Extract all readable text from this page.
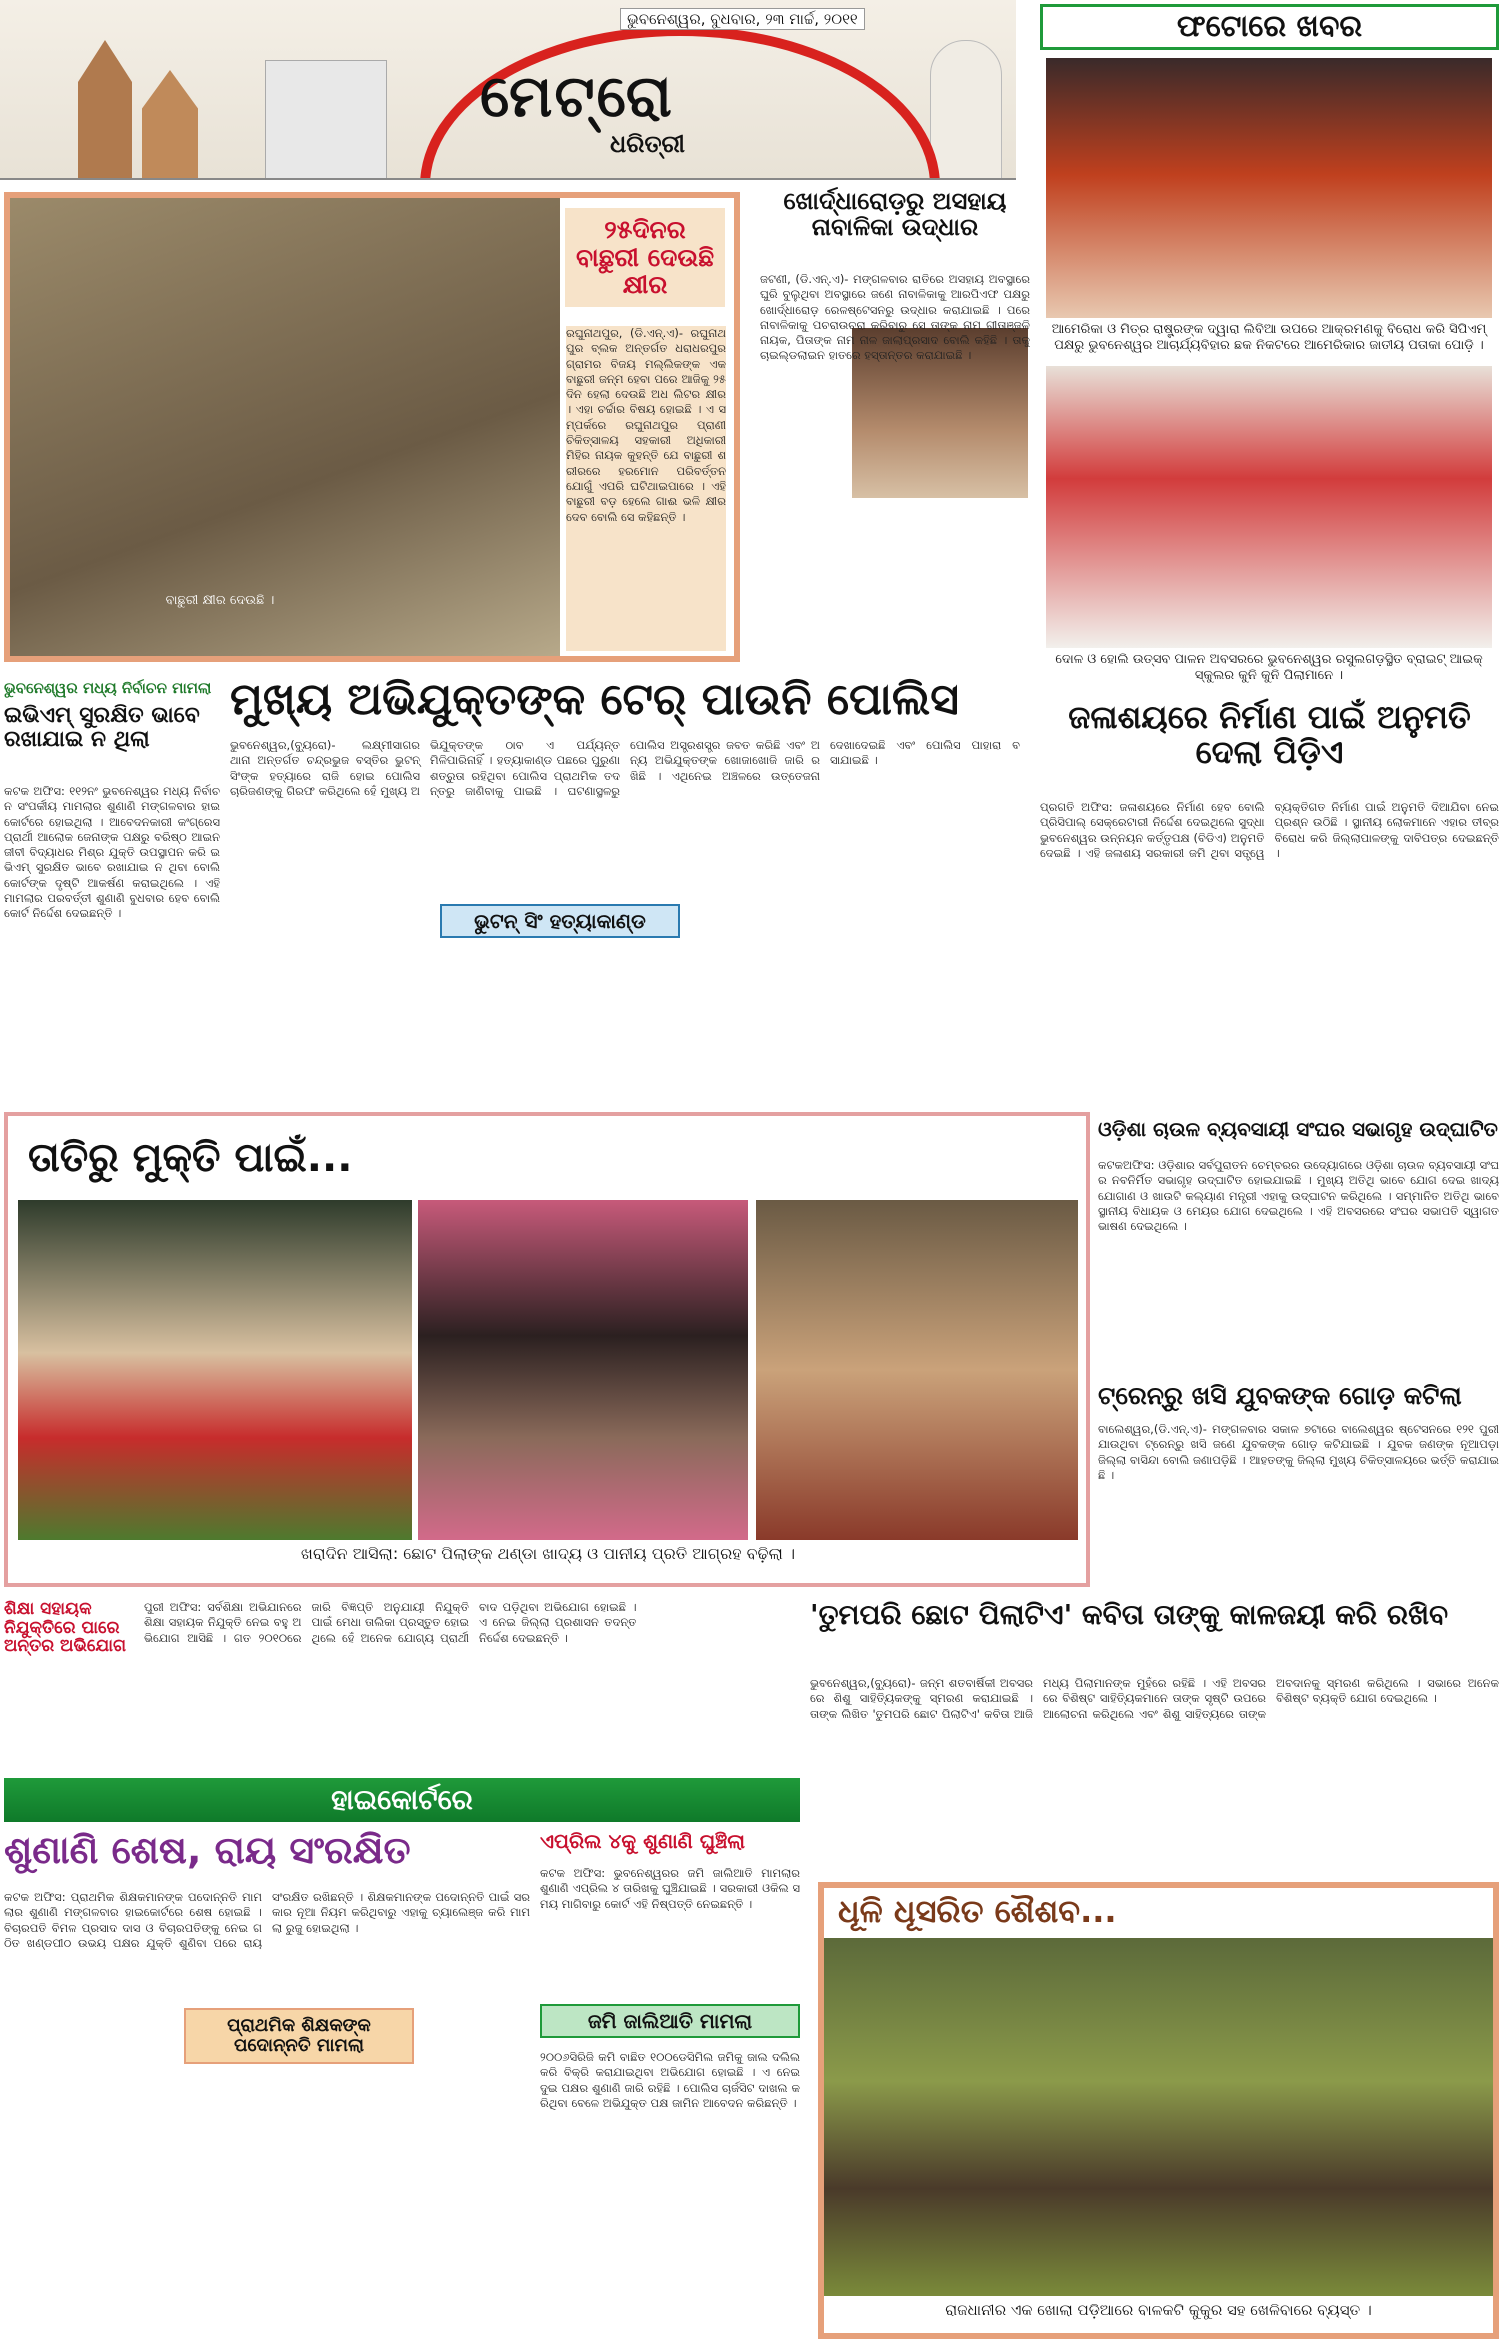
ଭୁବନେଶ୍ୱର, ବୁଧବାର, ୨୩ ମାର୍ଚ୍ଚ, ୨୦୧୧
ମେଟ୍ରୋ
ଧରିତ୍ରୀ
ଫଟୋରେ ଖବର
ଆମେରିକା ଓ ମିତ୍ର ରାଷ୍ଟ୍ରଙ୍କ ଦ୍ୱାରା ଲିବିଆ ଉପରେ ଆକ୍ରମଣକୁ ବିରୋଧ କରି ସିପିଏମ୍ ପକ୍ଷରୁ ଭୁବନେଶ୍ୱର ଆଚାର୍ଯ୍ୟବିହାର ଛକ ନିକଟରେ ଆମେରିକାର ଜାତୀୟ ପତାକା ପୋଡ଼ି ।
ଦୋଳ ଓ ହୋଲି ଉତ୍ସବ ପାଳନ ଅବସରରେ ଭୁବନେଶ୍ୱର ରସୁଲଗଡ଼ସ୍ଥିତ ବ୍ରାଇଟ୍ ଆଇକ୍ ସ୍କୁଲର କୁନି କୁନି ପିଲାମାନେ ।
ବାଛୁରୀ କ୍ଷୀର ଦେଉଛି ।
୨୫ଦିନର ବାଛୁରୀ ଦେଉଛି କ୍ଷୀର
ରଘୁନାଥପୁର, (ଡି.ଏନ୍.ଏ)- ରଘୁନାଥପୁର ବ୍ଲକ ଅନ୍ତର୍ଗତ ଧରାଧରପୁର ଗ୍ରାମର ବିଜୟ ମଲ୍ଲିକଙ୍କ ଏକ ବାଛୁରୀ ଜନ୍ମ ହେବା ପରେ ଆଜିକୁ ୨୫ ଦିନ ହେଲା ଦେଉଛି ଅଧ ଲିଟର କ୍ଷୀର । ଏହା ଚର୍ଚ୍ଚାର ବିଷୟ ହୋଇଛି । ଏ ସମ୍ପର୍କରେ ରଘୁନାଥପୁର ପ୍ରାଣୀ ଚିକିତ୍ସାଳୟ ସହକାରୀ ଅଧିକାରୀ ମିହିର ନାୟକ କୁହନ୍ତି ଯେ ବାଛୁରୀ ଶରୀରରେ ହରମୋନ ପରିବର୍ତ୍ତନ ଯୋଗୁଁ ଏପରି ଘଟିଥାଇପାରେ । ଏହି ବାଛୁରୀ ବଡ଼ ହେଲେ ଗାଈ ଭଳି କ୍ଷୀର ଦେବ ବୋଲି ସେ କହିଛନ୍ତି ।
ଖୋର୍ଦ୍ଧାରୋଡ଼ରୁ ଅସହାୟ ନାବାଳିକା ଉଦ୍ଧାର
ଜଟଣୀ, (ଡି.ଏନ୍.ଏ)- ମଙ୍ଗଳବାର ରାତିରେ ଅସହାୟ ଅବସ୍ଥାରେ ଘୁରି ବୁଲୁଥିବା ଅବସ୍ଥାରେ ଜଣେ ନାବାଳିକାକୁ ଆରପିଏଫ ପକ୍ଷରୁ ଖୋର୍ଦ୍ଧାରୋଡ଼ ରେଳଷ୍ଟେସନରୁ ଉଦ୍ଧାର କରାଯାଇଛି । ପରେ ନାବାଳିକାକୁ ପଚରାଉଚରା କରିବାରୁ ସେ ତାଙ୍କ ନାମ ଗୀତାଞ୍ଜଳି ନାୟକ, ପିତାଙ୍କ ନାମ ନାଳ ଜାଲାପ୍ରସାଦ ବୋଲି କହିଛି । ତାକୁ ଚାଇଲ୍ଡଲାଇନ ହାତରେ ହସ୍ତାନ୍ତର କରାଯାଇଛି ।
ଭୁବନେଶ୍ୱର ମଧ୍ୟ ନିର୍ବାଚନ ମାମଲା
ଇଭିଏମ୍ ସୁରକ୍ଷିତ ଭାବେ ରଖାଯାଇ ନ ଥିଲା
କଟକ ଅଫିସ: ୧୧୨ନଂ ଭୁବନେଶ୍ୱର ମଧ୍ୟ ନିର୍ବାଚନ ସଂପର୍କୀୟ ମାମଲାର ଶୁଣାଣି ମଙ୍ଗଳବାର ହାଇକୋର୍ଟରେ ହୋଇଥିଲା । ଆବେଦନକାରୀ କଂଗ୍ରେସ ପ୍ରାର୍ଥୀ ଆଲୋକ ଜେନାଙ୍କ ପକ୍ଷରୁ ବରିଷ୍ଠ ଆଇନଜୀବୀ ବିଦ୍ୟାଧର ମିଶ୍ର ଯୁକ୍ତି ଉପସ୍ଥାପନ କରି ଇଭିଏମ୍ ସୁରକ୍ଷିତ ଭାବେ ରଖାଯାଇ ନ ଥିବା ବୋଲି କୋର୍ଟଙ୍କ ଦୃଷ୍ଟି ଆକର୍ଷଣ କରାଇଥିଲେ । ଏହି ମାମଲାର ପରବର୍ତ୍ତୀ ଶୁଣାଣି ବୁଧବାର ହେବ ବୋଲି କୋର୍ଟ ନିର୍ଦ୍ଦେଶ ଦେଇଛନ୍ତି ।
ମୁଖ୍ୟ ଅଭିଯୁକ୍ତଙ୍କ ଟେର୍ ପାଉନି ପୋଲିସ
ଭୁବନେଶ୍ୱର,(ବ୍ୟୁରୋ)- ଲକ୍ଷ୍ମୀସାଗର ଥାନା ଅନ୍ତର୍ଗତ ଚନ୍ଦ୍ରଭୁଜ ବସ୍ତିର ଭୁଟନ୍ ସିଂଙ୍କ ହତ୍ୟାରେ ରାଜି ହୋଇ ପୋଲିସ ଚାରିଜଣଙ୍କୁ ଗିରଫ କରିଥିଲେ ହେଁ ମୁଖ୍ୟ ଅଭିଯୁକ୍ତଙ୍କ ଠାବ ଏ ପର୍ଯ୍ୟନ୍ତ ମିଳିପାରିନାହିଁ । ହତ୍ୟାକାଣ୍ଡ ପଛରେ ପୁରୁଣା ଶତ୍ରୁତା ରହିଥିବା ପୋଲିସ ପ୍ରାଥମିକ ତଦନ୍ତରୁ ଜାଣିବାକୁ ପାଇଛି । ଘଟଣାସ୍ଥଳରୁ ପୋଲିସ ଅସ୍ତ୍ରଶସ୍ତ୍ର ଜବତ କରିଛି ଏବଂ ଅନ୍ୟ ଅଭିଯୁକ୍ତଙ୍କ ଖୋଜାଖୋଜି ଜାରି ରଖିଛି । ଏଥିନେଇ ଅଞ୍ଚଳରେ ଉତ୍ତେଜନା ଦେଖାଦେଇଛି ଏବଂ ପୋଲିସ ପାହାରା ବସାଯାଇଛି ।
ଭୁଟନ୍ ସିଂ ହତ୍ୟାକାଣ୍ଡ
ଜଳାଶୟରେ ନିର୍ମାଣ ପାଇଁ ଅନୁମତି ଦେଲା ପିଡ଼ିଏ
ପ୍ରଗତି ଅଫିସ: ଜଳାଶୟରେ ନିର୍ମାଣ ହେବ ବୋଲି ପ୍ରିସିପାଲ୍ ସେକ୍ରେଟାରୀ ନିର୍ଦ୍ଦେଶ ଦେଇଥିଲେ ସୁଦ୍ଧା ଭୁବନେଶ୍ୱର ଉନ୍ନୟନ କର୍ତ୍ତୃପକ୍ଷ (ବିଡିଏ) ଅନୁମତି ଦେଇଛି । ଏହି ଜଳାଶୟ ସରକାରୀ ଜମି ଥିବା ସତ୍ତ୍ୱେ ବ୍ୟକ୍ତିଗତ ନିର୍ମାଣ ପାଇଁ ଅନୁମତି ଦିଆଯିବା ନେଇ ପ୍ରଶ୍ନ ଉଠିଛି । ସ୍ଥାନୀୟ ଲୋକମାନେ ଏହାର ତୀବ୍ର ବିରୋଧ କରି ଜିଲ୍ଲାପାଳଙ୍କୁ ଦାବିପତ୍ର ଦେଇଛନ୍ତି ।
ତାତିରୁ ମୁକ୍ତି ପାଇଁ...
ଖରାଦିନ ଆସିଲା: ଛୋଟ ପିଲାଙ୍କ ଥଣ୍ଡା ଖାଦ୍ୟ ଓ ପାନୀୟ ପ୍ରତି ଆଗ୍ରହ ବଢ଼ିଲା ।
ଓଡ଼ିଶା ଚାଉଳ ବ୍ୟବସାୟୀ ସଂଘର ସଭାଗୃହ ଉଦ୍‌ଘାଟିତ
କଟକଅଫିସ: ଓଡ଼ିଶାର ସର୍ବପୁରାତନ ଚେମ୍ବରର ଉଦ୍ୟୋଗରେ ଓଡ଼ିଶା ଚାଉଳ ବ୍ୟବସାୟୀ ସଂଘର ନବନିର୍ମିତ ସଭାଗୃହ ଉଦ୍‌ଘାଟିତ ହୋଇଯାଇଛି । ମୁଖ୍ୟ ଅତିଥି ଭାବେ ଯୋଗ ଦେଇ ଖାଦ୍ୟ ଯୋଗାଣ ଓ ଖାଉଟି କଲ୍ୟାଣ ମନ୍ତ୍ରୀ ଏହାକୁ ଉଦ୍‌ଘାଟନ କରିଥିଲେ । ସମ୍ମାନିତ ଅତିଥି ଭାବେ ସ୍ଥାନୀୟ ବିଧାୟକ ଓ ମେୟର ଯୋଗ ଦେଇଥିଲେ । ଏହି ଅବସରରେ ସଂଘର ସଭାପତି ସ୍ୱାଗତ ଭାଷଣ ଦେଇଥିଲେ ।
ଟ୍ରେନ୍‌ରୁ ଖସି ଯୁବକଙ୍କ ଗୋଡ଼ କଟିଲା
ବାଲେଶ୍ୱର,(ଡି.ଏନ୍.ଏ)- ମଙ୍ଗଳବାର ସକାଳ ୭ଟାରେ ବାଲେଶ୍ୱର ଷ୍ଟେସନରେ ୧୨୧ ପୁରୀ ଯାଉଥିବା ଟ୍ରେନ୍‌ରୁ ଖସି ଜଣେ ଯୁବକଙ୍କ ଗୋଡ଼ କଟିଯାଇଛି । ଯୁବକ ଜଣଙ୍କ ନୂଆପଡ଼ା ଜିଲ୍ଲା ବାସିନ୍ଦା ବୋଲି ଜଣାପଡ଼ିଛି । ଆହତଙ୍କୁ ଜିଲ୍ଲା ମୁଖ୍ୟ ଚିକିତ୍ସାଳୟରେ ଭର୍ତ୍ତି କରାଯାଇଛି ।
ଶିକ୍ଷା ସହାୟକ ନିଯୁକ୍ତିରେ ପାରେ ଅନ୍ତର ଅଭିଯୋଗ
ପୁରୀ ଅଫିସ: ସର୍ବଶିକ୍ଷା ଅଭିଯାନରେ ଶିକ୍ଷା ସହାୟକ ନିଯୁକ୍ତି ନେଇ ବହୁ ଅଭିଯୋଗ ଆସିଛି । ଗତ ୨୦୧୦ରେ ଜାରି ବିଜ୍ଞପ୍ତି ଅନୁଯାୟୀ ନିଯୁକ୍ତି ପାଇଁ ମେଧା ତାଲିକା ପ୍ରସ୍ତୁତ ହୋଇଥିଲେ ହେଁ ଅନେକ ଯୋଗ୍ୟ ପ୍ରାର୍ଥୀ ବାଦ ପଡ଼ିଥିବା ଅଭିଯୋଗ ହୋଇଛି । ଏ ନେଇ ଜିଲ୍ଲା ପ୍ରଶାସନ ତଦନ୍ତ ନିର୍ଦ୍ଦେଶ ଦେଇଛନ୍ତି ।
'ତୁମପରି ଛୋଟ ପିଲାଟିଏ' କବିତା ତାଙ୍କୁ କାଳଜୟୀ କରି ରଖିବ
ଭୁବନେଶ୍ୱର,(ବ୍ୟୁରୋ)- ଜନ୍ମ ଶତବାର୍ଷିକୀ ଅବସରରେ ଶିଶୁ ସାହିତ୍ୟିକଙ୍କୁ ସ୍ମରଣ କରାଯାଇଛି । ତାଙ୍କ ଲିଖିତ 'ତୁମପରି ଛୋଟ ପିଲାଟିଏ' କବିତା ଆଜି ମଧ୍ୟ ପିଲାମାନଙ୍କ ମୁହଁରେ ରହିଛି । ଏହି ଅବସରରେ ବିଶିଷ୍ଟ ସାହିତ୍ୟିକମାନେ ତାଙ୍କ ସୃଷ୍ଟି ଉପରେ ଆଲୋଚନା କରିଥିଲେ ଏବଂ ଶିଶୁ ସାହିତ୍ୟରେ ତାଙ୍କ ଅବଦାନକୁ ସ୍ମରଣ କରିଥିଲେ । ସଭାରେ ଅନେକ ବିଶିଷ୍ଟ ବ୍ୟକ୍ତି ଯୋଗ ଦେଇଥିଲେ ।
ହାଇକୋର୍ଟରେ
ଶୁଣାଣି ଶେଷ, ରାୟ ସଂରକ୍ଷିତ
କଟକ ଅଫିସ: ପ୍ରାଥମିକ ଶିକ୍ଷକମାନଙ୍କ ପଦୋନ୍ନତି ମାମଲାର ଶୁଣାଣି ମଙ୍ଗଳବାର ହାଇକୋର୍ଟରେ ଶେଷ ହୋଇଛି । ବିଚାରପତି ବିମଳ ପ୍ରସାଦ ଦାସ ଓ ବିଚାରପତିଙ୍କୁ ନେଇ ଗଠିତ ଖଣ୍ଡପୀଠ ଉଭୟ ପକ୍ଷର ଯୁକ୍ତି ଶୁଣିବା ପରେ ରାୟ ସଂରକ୍ଷିତ ରଖିଛନ୍ତି । ଶିକ୍ଷକମାନଙ୍କ ପଦୋନ୍ନତି ପାଇଁ ସରକାର ନୂଆ ନିୟମ କରିଥିବାରୁ ଏହାକୁ ଚ୍ୟାଲେଞ୍ଜ କରି ମାମଲା ରୁଜୁ ହୋଇଥିଲା ।
ପ୍ରାଥମିକ ଶିକ୍ଷକଙ୍କ ପଦୋନ୍ନତି ମାମଲା
ଏପ୍ରିଲ ୪କୁ ଶୁଣାଣି ଘୁଞ୍ଚିଲା
କଟକ ଅଫିସ: ଭୁବନେଶ୍ୱରର ଜମି ଜାଲିଆତି ମାମଲାର ଶୁଣାଣି ଏପ୍ରିଲ ୪ ତାରିଖକୁ ଘୁଞ୍ଚିଯାଇଛି । ସରକାରୀ ଓକିଲ ସମୟ ମାଗିବାରୁ କୋର୍ଟ ଏହି ନିଷ୍ପତ୍ତି ନେଇଛନ୍ତି ।
ଜମି ଜାଲିଆତି ମାମଲା
୨୦୦୬ସିରିଜି କମି ବାଛିତ ୧୦୦ଡେସିମିଲ ଜମିକୁ ଜାଲ ଦଲିଲ କରି ବିକ୍ରି କରାଯାଇଥିବା ଅଭିଯୋଗ ହୋଇଛି । ଏ ନେଇ ଦୁଇ ପକ୍ଷର ଶୁଣାଣି ଜାରି ରହିଛି । ପୋଲିସ ଚାର୍ଜସିଟ ଦାଖଲ କରିଥିବା ବେଳେ ଅଭିଯୁକ୍ତ ପକ୍ଷ ଜାମିନ ଆବେଦନ କରିଛନ୍ତି ।
ଧୂଳି ଧୂସରିତ ଶୈଶବ...
ରାଜଧାନୀର ଏକ ଖୋଲା ପଡ଼ିଆରେ ବାଳକଟି କୁକୁର ସହ ଖେଳିବାରେ ବ୍ୟସ୍ତ ।
